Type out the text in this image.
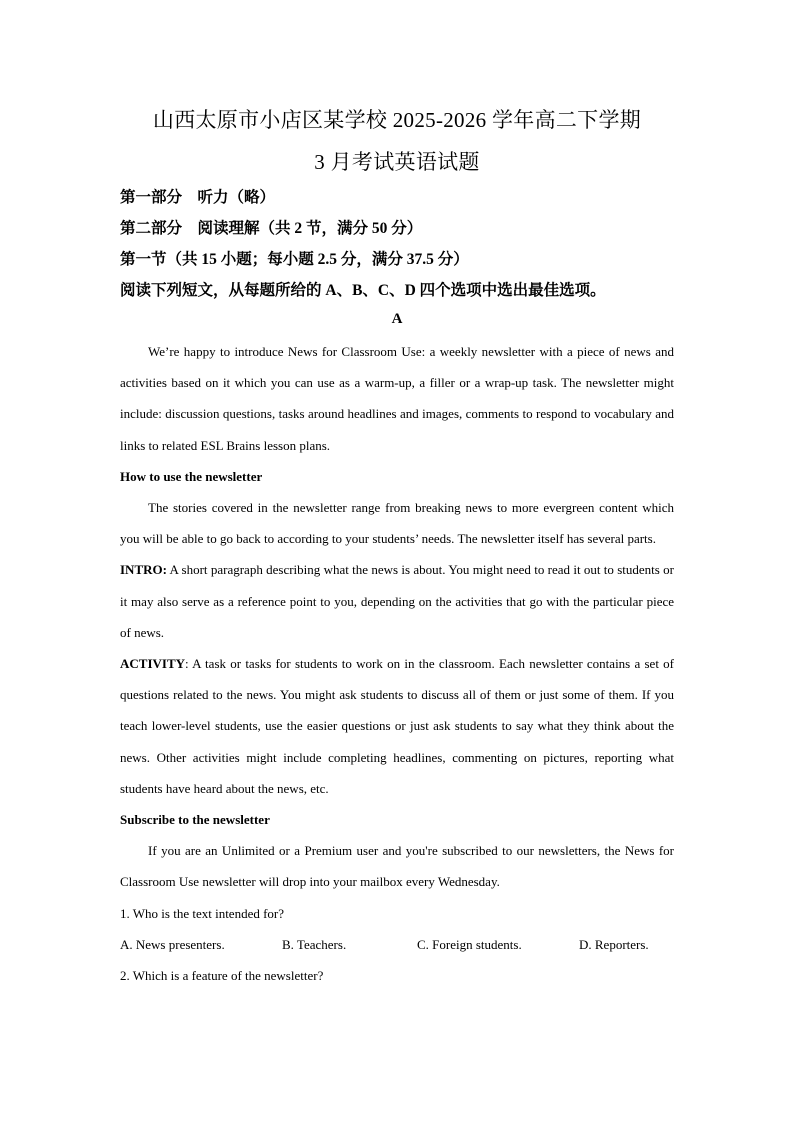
山西太原市小店区某学校 2025-2026 学年高二下学期
3 月考试英语试题
第一部分　听力（略）
第二部分　阅读理解（共 2 节，满分 50 分）
第一节（共 15 小题；每小题 2.5 分，满分 37.5 分）
阅读下列短文，从每题所给的 A、B、C、D 四个选项中选出最佳选项。
A

We’re happy to introduce News for Classroom Use: a weekly newsletter with a piece of news and activities based on it which you can use as a warm-up, a filler or a wrap-up task. The newsletter might include: discussion questions, tasks around headlines and images, comments to respond to vocabulary and links to related ESL Brains lesson plans.

How to use the newsletter

The stories covered in the newsletter range from breaking news to more evergreen content which you will be able to go back to according to your students’ needs. The newsletter itself has several parts.

INTRO: A short paragraph describing what the news is about. You might need to read it out to students or it may also serve as a reference point to you, depending on the activities that go with the particular piece of news.

ACTIVITY: A task or tasks for students to work on in the classroom. Each newsletter contains a set of questions related to the news. You might ask students to discuss all of them or just some of them. If you teach lower-level students, use the easier questions or just ask students to say what they think about the news. Other activities might include completing headlines, commenting on pictures, reporting what students have heard about the news, etc.

Subscribe to the newsletter

If you are an Unlimited or a Premium user and you're subscribed to our newsletters, the News for Classroom Use newsletter will drop into your mailbox every Wednesday.

1. Who is the text intended for?

A. News presenters.	B. Teachers.	C. Foreign students.	D. Reporters.

2. Which is a feature of the newsletter?
